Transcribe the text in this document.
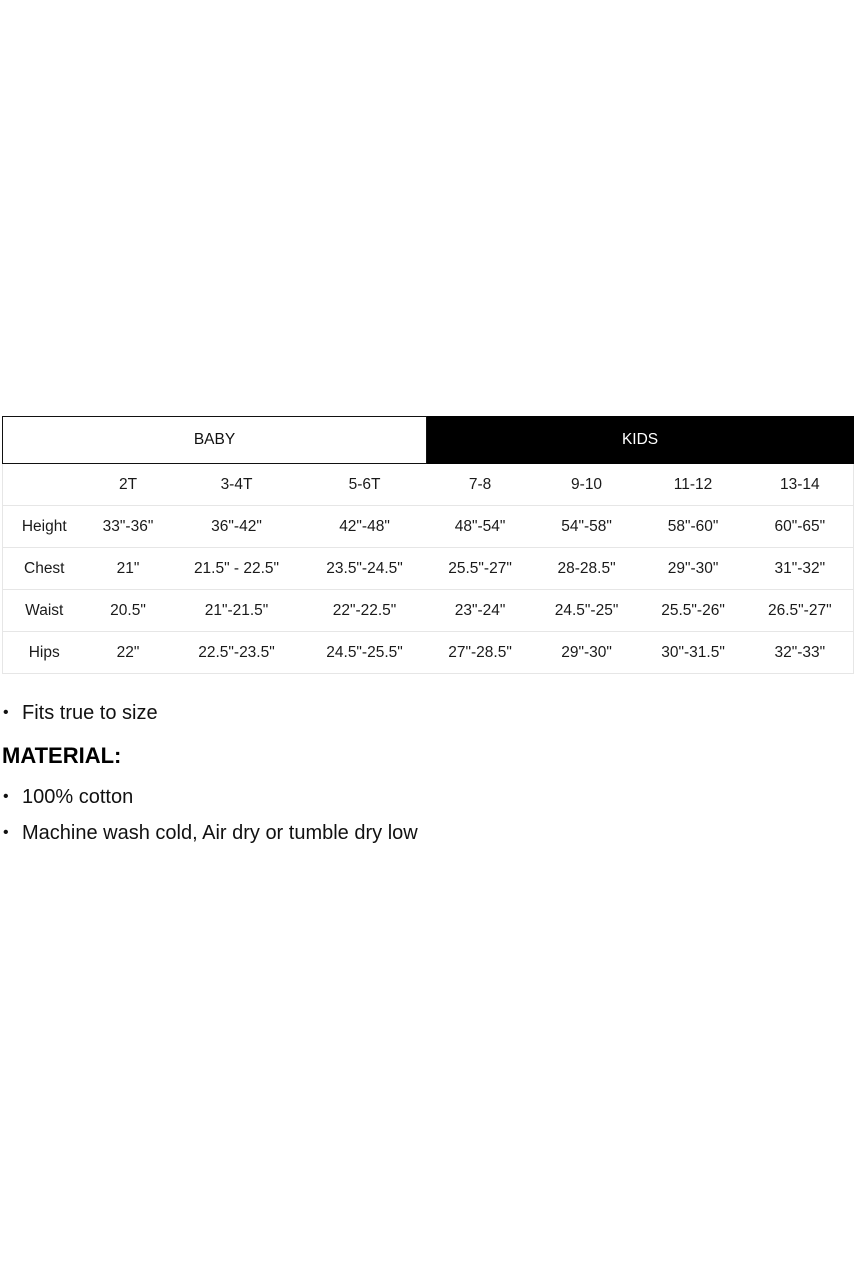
BABY				KIDS			
	2T	3-4T	5-6T	7-8	9-10	11-12	13-14
Height	33"-36"	36"-42"	42"-48"	48"-54"	54"-58"	58"-60"	60"-65"
Chest	21"	21.5" - 22.5"	23.5"-24.5"	25.5"-27"	28-28.5"	29"-30"	31"-32"
Waist	20.5"	21"-21.5"	22"-22.5"	23"-24"	24.5"-25"	25.5"-26"	26.5"-27"
Hips	22"	22.5"-23.5"	24.5"-25.5"	27"-28.5"	29"-30"	30"-31.5"	32"-33"
• Fits true to size
MATERIAL:
• 100% cotton
• Machine wash cold, Air dry or tumble dry low
